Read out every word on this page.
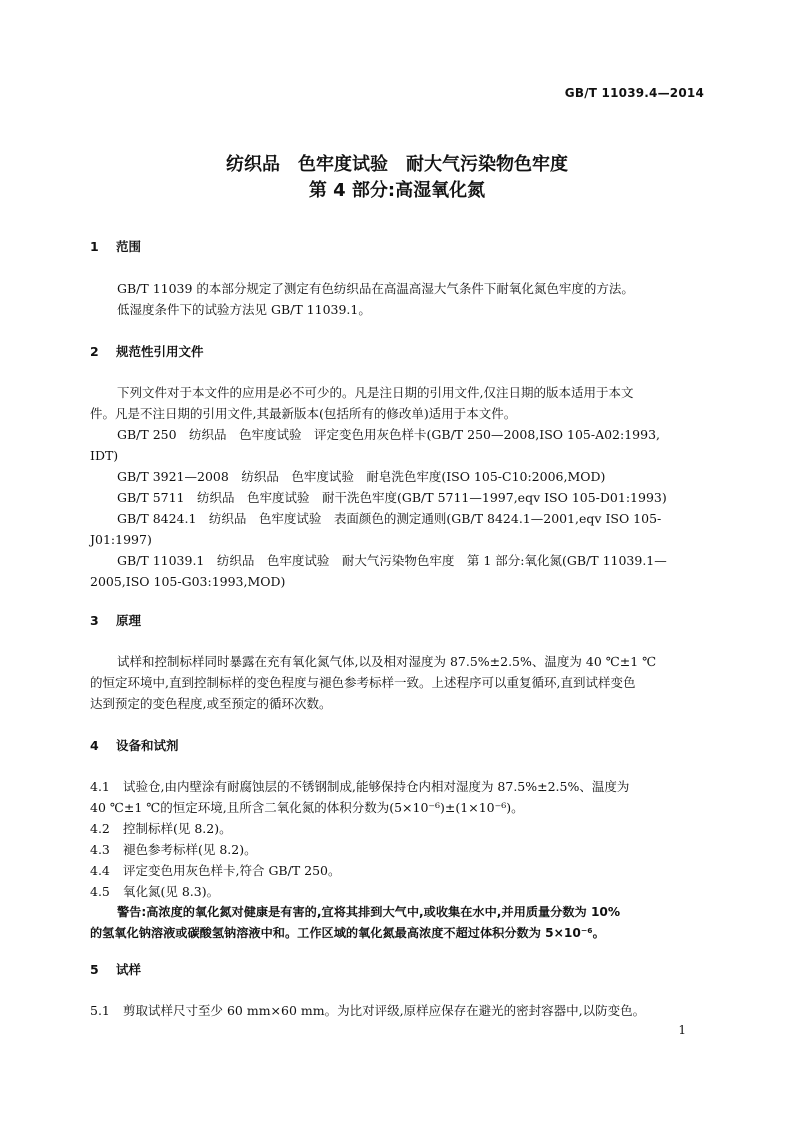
GB/T 11039.4—2014
纺织品　色牢度试验　耐大气污染物色牢度
第 4 部分:高湿氧化氮
1 范围
GB/T 11039 的本部分规定了测定有色纺织品在高温高湿大气条件下耐氧化氮色牢度的方法。
低湿度条件下的试验方法见 GB/T 11039.1。
2 规范性引用文件
下列文件对于本文件的应用是必不可少的。凡是注日期的引用文件,仅注日期的版本适用于本文
件。凡是不注日期的引用文件,其最新版本(包括所有的修改单)适用于本文件。
GB/T 250　纺织品　色牢度试验　评定变色用灰色样卡(GB/T 250—2008,ISO 105-A02:1993,
IDT)
GB/T 3921—2008　纺织品　色牢度试验　耐皂洗色牢度(ISO 105-C10:2006,MOD)
GB/T 5711　纺织品　色牢度试验　耐干洗色牢度(GB/T 5711—1997,eqv ISO 105-D01:1993)
GB/T 8424.1　纺织品　色牢度试验　表面颜色的测定通则(GB/T 8424.1—2001,eqv ISO 105-
J01:1997)
GB/T 11039.1　纺织品　色牢度试验　耐大气污染物色牢度　第 1 部分:氧化氮(GB/T 11039.1—
2005,ISO 105-G03:1993,MOD)
3 原理
试样和控制标样同时暴露在充有氧化氮气体,以及相对湿度为 87.5%±2.5%、温度为 40 ℃±1 ℃
的恒定环境中,直到控制标样的变色程度与褪色参考标样一致。上述程序可以重复循环,直到试样变色
达到预定的变色程度,或至预定的循环次数。
4 设备和试剂
4.1 试验仓,由内壁涂有耐腐蚀层的不锈钢制成,能够保持仓内相对湿度为 87.5%±2.5%、温度为
40 ℃±1 ℃的恒定环境,且所含二氧化氮的体积分数为(5×10⁻⁶)±(1×10⁻⁶)。
4.2 控制标样(见 8.2)。
4.3 褪色参考标样(见 8.2)。
4.4 评定变色用灰色样卡,符合 GB/T 250。
4.5 氧化氮(见 8.3)。
警告:高浓度的氧化氮对健康是有害的,宜将其排到大气中,或收集在水中,并用质量分数为 10%
的氢氧化钠溶液或碳酸氢钠溶液中和。工作区域的氧化氮最高浓度不超过体积分数为 5×10⁻⁶。
5 试样
5.1 剪取试样尺寸至少 60 mm×60 mm。为比对评级,原样应保存在避光的密封容器中,以防变色。
1
